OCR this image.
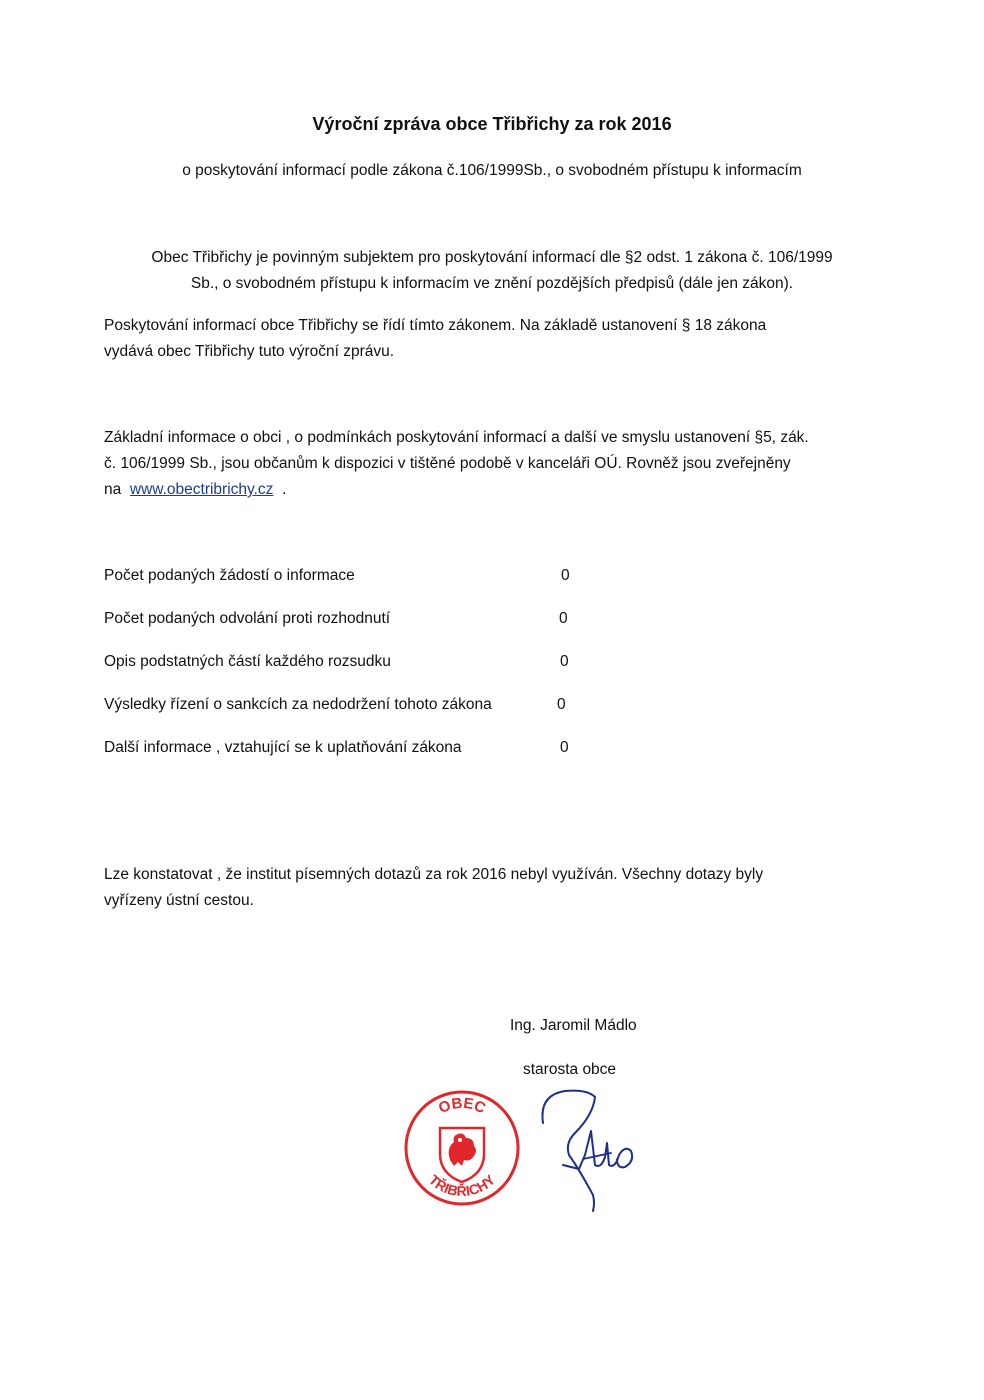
Výroční zpráva obce Třibřichy za rok 2016
o poskytování informací podle zákona č.106/1999Sb., o svobodném přístupu k informacím
Obec Třibřichy je povinným subjektem pro poskytování informací dle §2 odst. 1 zákona č. 106/1999
Sb., o svobodném přístupu k informacím ve znění pozdějších předpisů (dále jen zákon).
Poskytování informací obce Třibřichy se řídí tímto zákonem. Na základě ustanovení § 18 zákona
vydává obec Třibřichy tuto výroční zprávu.
Základní informace o obci , o podmínkách poskytování informací a další ve smyslu ustanovení §5, zák.
č. 106/1999 Sb., jsou občanům k dispozici v tištěné podobě v kanceláři OÚ. Rovněž jsou zveřejněny
na www.obectribrichy.cz .
Počet podaných žádostí o informace	0
Počet podaných odvolání proti rozhodnutí	0
Opis podstatných částí každého rozsudku	0
Výsledky řízení o sankcích za nedodržení tohoto zákona	0
Další informace , vztahující se k uplatňování zákona	0
Lze konstatovat , že institut písemných dotazů za rok 2016 nebyl využíván. Všechny dotazy byly
vyřízeny ústní cestou.
Ing. Jaromil Mádlo
starosta obce
OBEC
TŘIBŘICHY
